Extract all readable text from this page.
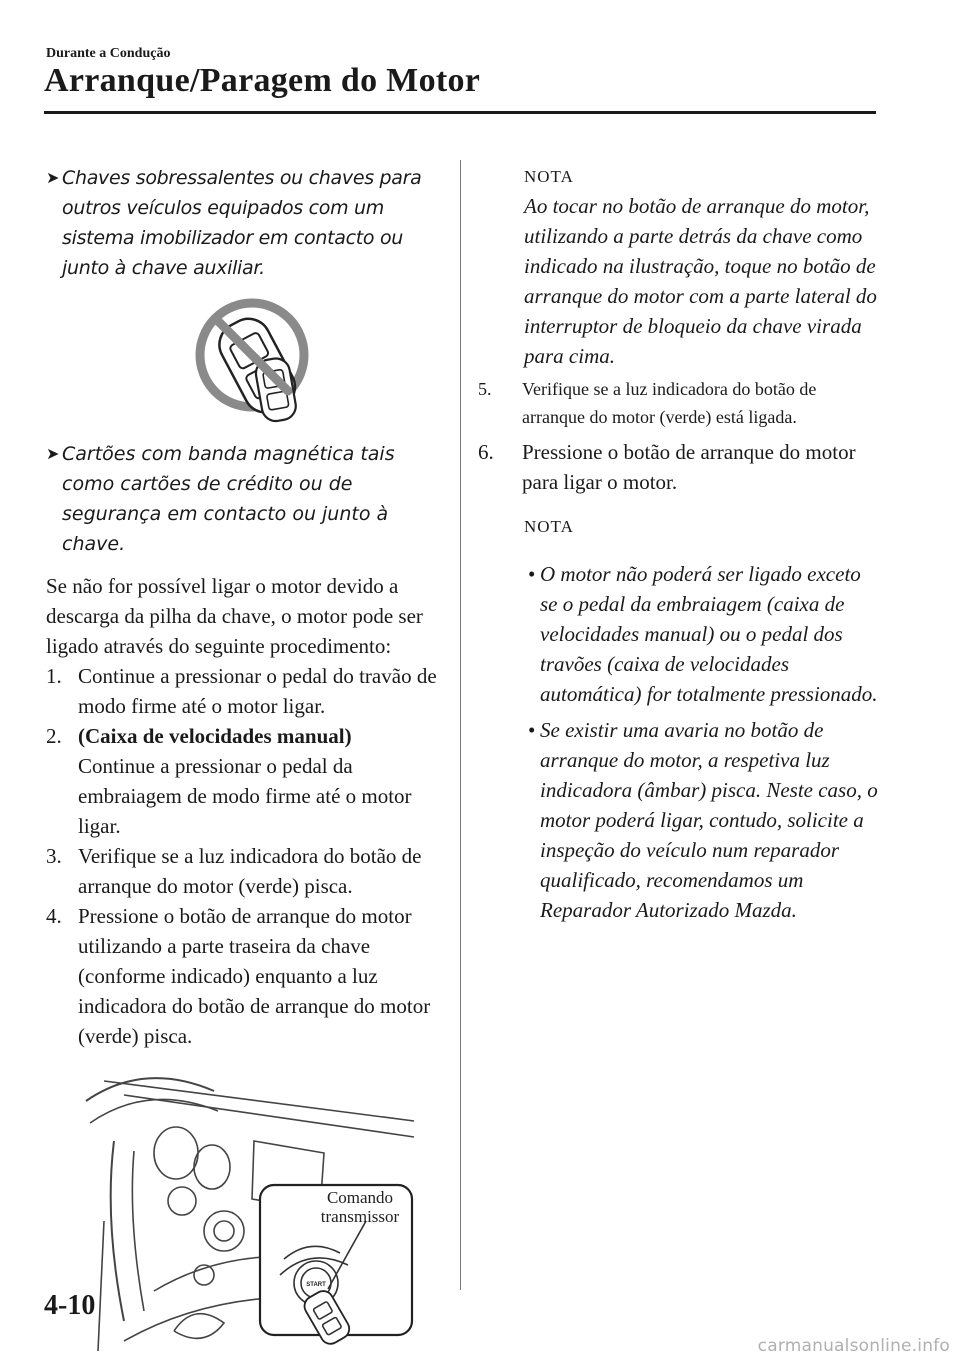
Durante a Condução
Arranque/Paragem do Motor
➤ Chaves sobressalentes ou chaves para outros veículos equipados com um sistema imobilizador em contacto ou junto à chave auxiliar.
➤ Cartões com banda magnética tais como cartões de crédito ou de segurança em contacto ou junto à chave.
Se não for possível ligar o motor devido a descarga da pilha da chave, o motor pode ser ligado através do seguinte procedimento:
1. Continue a pressionar o pedal do travão de modo firme até o motor ligar.
2. (Caixa de velocidades manual)
Continue a pressionar o pedal da embraiagem de modo firme até o motor ligar.
3. Verifique se a luz indicadora do botão de arranque do motor (verde) pisca.
4. Pressione o botão de arranque do motor utilizando a parte traseira da chave (conforme indicado) enquanto a luz indicadora do botão de arranque do motor (verde) pisca.
START
Comando
transmissor
NOTA
Ao tocar no botão de arranque do motor, utilizando a parte detrás da chave como indicado na ilustração, toque no botão de arranque do motor com a parte lateral do interruptor de bloqueio da chave virada para cima.
5. Verifique se a luz indicadora do botão de arranque do motor (verde) está ligada.
6. Pressione o botão de arranque do motor para ligar o motor.
NOTA
• O motor não poderá ser ligado exceto se o pedal da embraiagem (caixa de velocidades manual) ou o pedal dos travões (caixa de velocidades automática) for totalmente pressionado.
• Se existir uma avaria no botão de arranque do motor, a respetiva luz indicadora (âmbar) pisca. Neste caso, o motor poderá ligar, contudo, solicite a inspeção do veículo num reparador qualificado, recomendamos um Reparador Autorizado Mazda.
4-10
carmanualsonline.info
